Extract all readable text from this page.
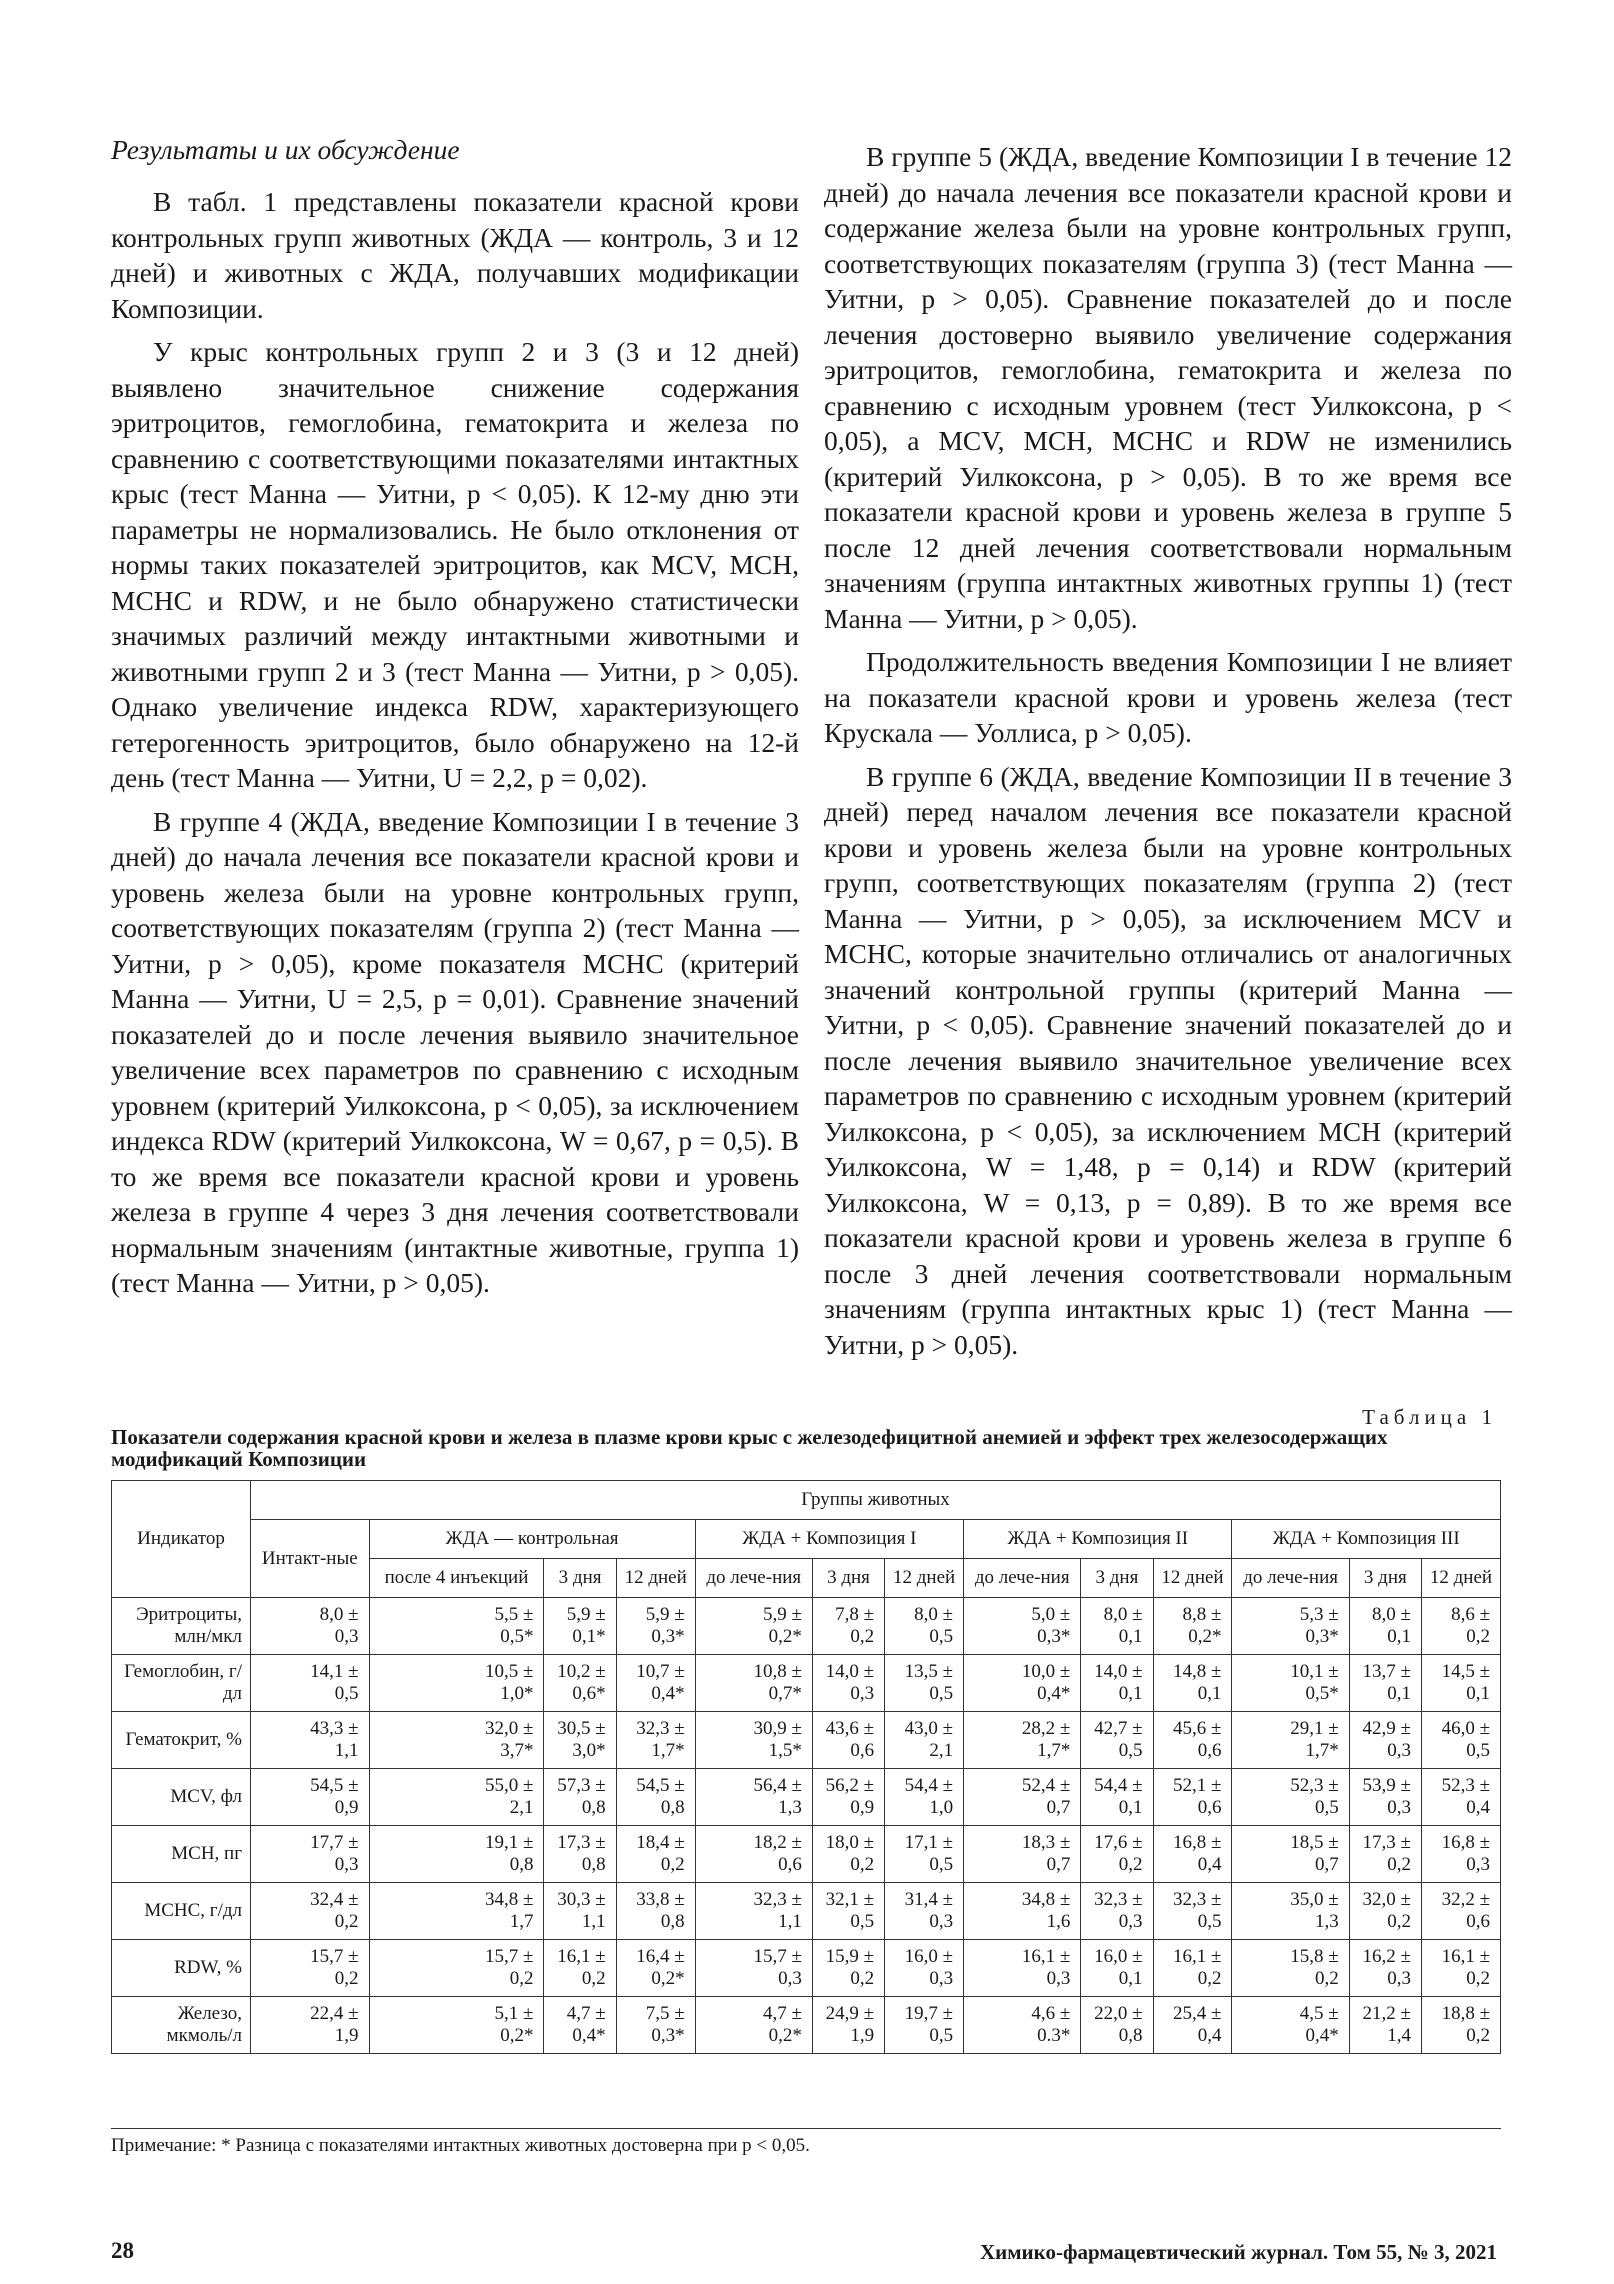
Результаты и их обсуждение

В табл. 1 представлены показатели красной крови контрольных групп животных (ЖДА — контроль, 3 и 12 дней) и животных с ЖДА, получавших модификации Композиции.

У крыс контрольных групп 2 и 3 (3 и 12 дней) выявлено значительное снижение содержания эритроцитов, гемоглобина, гематокрита и железа по сравнению с соответствующими показателями интактных крыс (тест Манна — Уитни, p < 0,05). К 12-му дню эти параметры не нормализовались. Не было отклонения от нормы таких показателей эритроцитов, как MCV, MCH, MCHC и RDW, и не было обнаружено статистически значимых различий между интактными животными и животными групп 2 и 3 (тест Манна — Уитни, p > 0,05). Однако увеличение индекса RDW, характеризующего гетерогенность эритроцитов, было обнаружено на 12-й день (тест Манна — Уитни, U = 2,2, p = 0,02).

В группе 4 (ЖДА, введение Композиции I в течение 3 дней) до начала лечения все показатели красной крови и уровень железа были на уровне контрольных групп, соответствующих показателям (группа 2) (тест Манна — Уитни, p > 0,05), кроме показателя MCHC (критерий Манна — Уитни, U = 2,5, p = 0,01). Сравнение значений показателей до и после лечения выявило значительное увеличение всех параметров по сравнению с исходным уровнем (критерий Уилкоксона, p < 0,05), за исключением индекса RDW (критерий Уилкоксона, W = 0,67, p = 0,5). В то же время все показатели красной крови и уровень железа в группе 4 через 3 дня лечения соответствовали нормальным значениям (интактные животные, группа 1) (тест Манна — Уитни, p > 0,05).

В группе 5 (ЖДА, введение Композиции I в течение 12 дней) до начала лечения все показатели красной крови и содержание железа были на уровне контрольных групп, соответствующих показателям (группа 3) (тест Манна — Уитни, p > 0,05). Сравнение показателей до и после лечения достоверно выявило увеличение содержания эритроцитов, гемоглобина, гематокрита и железа по сравнению с исходным уровнем (тест Уилкоксона, p < 0,05), а MCV, MCH, MCHC и RDW не изменились (критерий Уилкоксона, p > 0,05). В то же время все показатели красной крови и уровень железа в группе 5 после 12 дней лечения соответствовали нормальным значениям (группа интактных животных группы 1) (тест Манна — Уитни, p > 0,05).

Продолжительность введения Композиции I не влияет на показатели красной крови и уровень железа (тест Крускала — Уоллиса, p > 0,05).

В группе 6 (ЖДА, введение Композиции II в течение 3 дней) перед началом лечения все показатели красной крови и уровень железа были на уровне контрольных групп, соответствующих показателям (группа 2) (тест Манна — Уитни, p > 0,05), за исключением MCV и MCHC, которые значительно отличались от аналогичных значений контрольной группы (критерий Манна — Уитни, p < 0,05). Сравнение значений показателей до и после лечения выявило значительное увеличение всех параметров по сравнению с исходным уровнем (критерий Уилкоксона, p < 0,05), за исключением MCH (критерий Уилкоксона, W = 1,48, p = 0,14) и RDW (критерий Уилкоксона, W = 0,13, p = 0,89). В то же время все показатели красной крови и уровень железа в группе 6 после 3 дней лечения соответствовали нормальным значениям (группа интактных крыс 1) (тест Манна — Уитни, p > 0,05).

Таблица 1
Показатели содержания красной крови и железа в плазме крови крыс с железодефицитной анемией и эффект трех железосодержащих модификаций Композиции
Индикатор	Группы животных												
	Интакт-ные	ЖДА — контрольная			ЖДА + Композиция I			ЖДА + Композиция II			ЖДА + Композиция III		
		после 4 инъекций	3 дня	12 дней	до лече-ния	3 дня	12 дней	до лече-ния	3 дня	12 дней	до лече-ния	3 дня	12 дней
Эритроциты, млн/мкл	8,0 ±
0,3	5,5 ±
0,5*	5,9 ±
0,1*	5,9 ±
0,3*	5,9 ±
0,2*	7,8 ±
0,2	8,0 ±
0,5	5,0 ±
0,3*	8,0 ±
0,1	8,8 ±
0,2*	5,3 ±
0,3*	8,0 ±
0,1	8,6 ±
0,2

Гемоглобин, г/дл	14,1 ±
0,5	10,5 ±
1,0*	10,2 ±
0,6*	10,7 ±
0,4*	10,8 ±
0,7*	14,0 ±
0,3	13,5 ±
0,5	10,0 ±
0,4*	14,0 ±
0,1	14,8 ±
0,1	10,1 ±
0,5*	13,7 ±
0,1	14,5 ±
0,1

Гематокрит, %	43,3 ±
1,1	32,0 ±
3,7*	30,5 ±
3,0*	32,3 ±
1,7*	30,9 ±
1,5*	43,6 ±
0,6	43,0 ±
2,1	28,2 ±
1,7*	42,7 ±
0,5	45,6 ±
0,6	29,1 ±
1,7*	42,9 ±
0,3	46,0 ±
0,5

MCV, фл	54,5 ±
0,9	55,0 ±
2,1	57,3 ±
0,8	54,5 ±
0,8	56,4 ±
1,3	56,2 ±
0,9	54,4 ±
1,0	52,4 ±
0,7	54,4 ±
0,1	52,1 ±
0,6	52,3 ±
0,5	53,9 ±
0,3	52,3 ±
0,4

MCH, пг	17,7 ±
0,3	19,1 ±
0,8	17,3 ±
0,8	18,4 ±
0,2	18,2 ±
0,6	18,0 ±
0,2	17,1 ±
0,5	18,3 ±
0,7	17,6 ±
0,2	16,8 ±
0,4	18,5 ±
0,7	17,3 ±
0,2	16,8 ±
0,3

MCHC, г/дл	32,4 ±
0,2	34,8 ±
1,7	30,3 ±
1,1	33,8 ±
0,8	32,3 ±
1,1	32,1 ±
0,5	31,4 ±
0,3	34,8 ±
1,6	32,3 ±
0,3	32,3 ±
0,5	35,0 ±
1,3	32,0 ±
0,2	32,2 ±
0,6

RDW, %	15,7 ±
0,2	15,7 ±
0,2	16,1 ±
0,2	16,4 ±
0,2*	15,7 ±
0,3	15,9 ±
0,2	16,0 ±
0,3	16,1 ±
0,3	16,0 ±
0,1	16,1 ±
0,2	15,8 ±
0,2	16,2 ±
0,3	16,1 ±
0,2

Железо, мкмоль/л	22,4 ±
1,9	5,1 ±
0,2*	4,7 ±
0,4*	7,5 ±
0,3*	4,7 ±
0,2*	24,9 ±
1,9	19,7 ±
0,5	4,6 ±
0.3*	22,0 ±
0,8	25,4 ±
0,4	4,5 ±
0,4*	21,2 ±
1,4	18,8 ±
0,2
Примечание: * Разница с показателями интактных животных достоверна при p < 0,05.
28	Химико-фармацевтический журнал. Том 55, № 3, 2021
